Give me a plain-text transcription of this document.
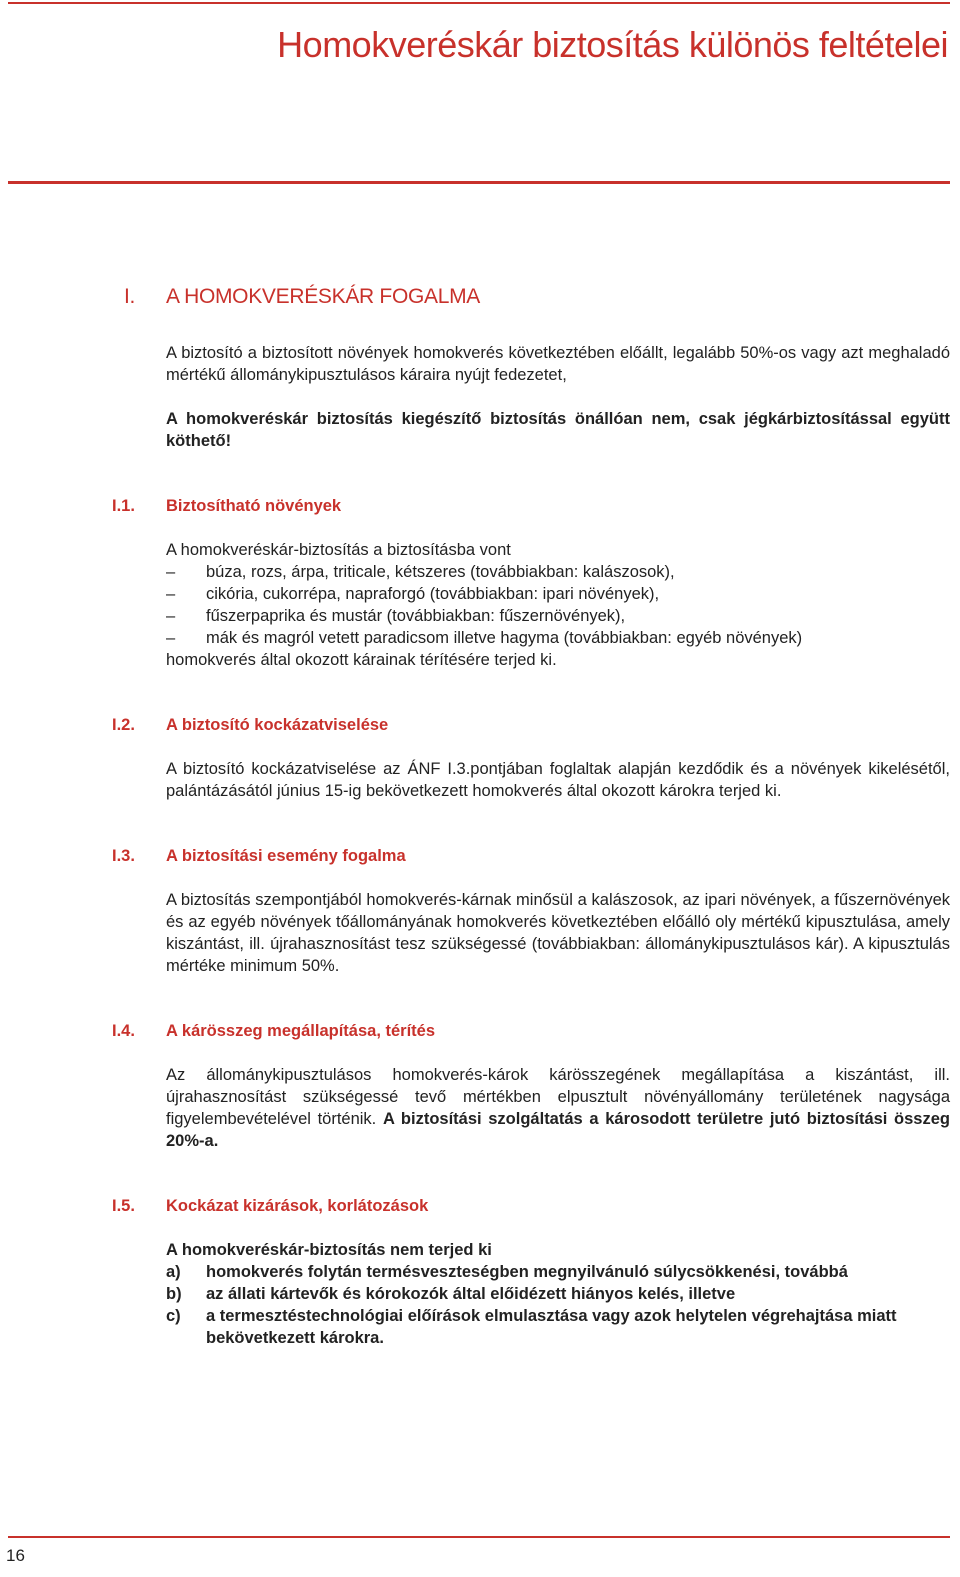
Homokveréskár biztosítás különös feltételei
I. A HOMOKVERÉSKÁR FOGALMA

A biztosító a biztosított növények homokverés következtében előállt, legalább 50%-os vagy azt meghaladó mértékű állománykipusztulásos káraira nyújt fedezetet,

A homokveréskár biztosítás kiegészítő biztosítás önállóan nem, csak jégkárbiztosítással együtt köthető!

I.1. Biztosítható növények

A homokveréskár-biztosítás a biztosításba vont

– búza, rozs, árpa, triticale, kétszeres (továbbiakban: kalászosok),
– cikória, cukorrépa, napraforgó (továbbiakban: ipari növények),
– fűszerpaprika és mustár (továbbiakban: fűszernövények),
– mák és magról vetett paradicsom illetve hagyma (továbbiakban: egyéb növények)

homokverés által okozott kárainak térítésére terjed ki.

I.2. A biztosító kockázatviselése

A biztosító kockázatviselése az ÁNF I.3.pontjában foglaltak alapján kezdődik és a növények kikelésétől, palántázásától június 15-ig bekövetkezett homokverés által okozott károkra terjed ki.

I.3. A biztosítási esemény fogalma

A biztosítás szempontjából homokverés-kárnak minősül a kalászosok, az ipari növények, a fűszernövények és az egyéb növények tőállományának homokverés következtében előálló oly mértékű kipusztulása, amely kiszántást, ill. újrahasznosítást tesz szükségessé (továbbiakban: állománykipusztulásos kár). A kipusztulás mértéke minimum 50%.

I.4. A kárösszeg megállapítása, térítés

Az állománykipusztulásos homokverés-károk kárösszegének megállapítása a kiszántást, ill. újrahasznosítást szükségessé tevő mértékben elpusztult növényállomány területének nagysága figyelembevételével történik. A biztosítási szolgáltatás a károsodott területre jutó biztosítási összeg 20%-a.

I.5. Kockázat kizárások, korlátozások

A homokveréskár-biztosítás nem terjed ki

a) homokverés folytán termésveszteségben megnyilvánuló súlycsökkenési, továbbá
b) az állati kártevők és kórokozók által előidézett hiányos kelés, illetve
c) a termesztéstechnológiai előírások elmulasztása vagy azok helytelen végrehajtása miatt bekövetkezett károkra.
16
